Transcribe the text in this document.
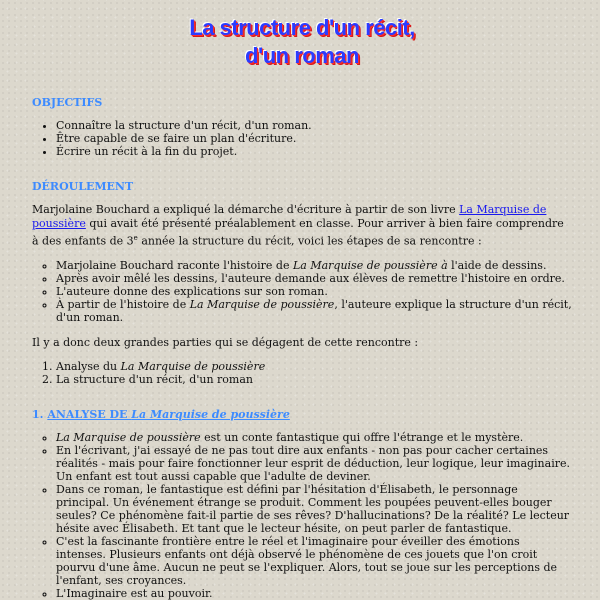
La structure d'un récit,
d'un roman
OBJECTIFS
• Connaître la structure d'un récit, d'un roman.
• Être capable de se faire un plan d'écriture.
• Écrire un récit à la fin du projet.
DÉROULEMENT

Marjolaine Bouchard a expliqué la démarche d'écriture à partir de son livre La Marquise de poussière qui avait été présenté préalablement en classe. Pour arriver à bien faire comprendre à des enfants de 3e année la structure du récit, voici les étapes de sa rencontre :

◦ Marjolaine Bouchard raconte l'histoire de La Marquise de poussière à l'aide de dessins.
◦ Après avoir mêlé les dessins, l'auteure demande aux élèves de remettre l'histoire en ordre.
◦ L'auteure donne des explications sur son roman.
◦ À partir de l'histoire de La Marquise de poussière, l'auteure explique la structure d'un récit, d'un roman.

Il y a donc deux grandes parties qui se dégagent de cette rencontre :

1. Analyse du La Marquise de poussière
2. La structure d'un récit, d'un roman
1. ANALYSE DE La Marquise de poussière
◦ La Marquise de poussière est un conte fantastique qui offre l'étrange et le mystère.
◦ En l'écrivant, j'ai essayé de ne pas tout dire aux enfants - non pas pour cacher certaines réalités - mais pour faire fonctionner leur esprit de déduction, leur logique, leur imaginaire. Un enfant est tout aussi capable que l'adulte de deviner.
◦ Dans ce roman, le fantastique est défini par l'hésitation d'Élisabeth, le personnage principal. Un événement étrange se produit. Comment les poupées peuvent-elles bouger seules? Ce phénomène fait-il partie de ses rêves? D'hallucinations? De la réalité? Le lecteur hésite avec Élisabeth. Et tant que le lecteur hésite, on peut parler de fantastique.
◦ C'est la fascinante frontière entre le réel et l'imaginaire pour éveiller des émotions intenses. Plusieurs enfants ont déjà observé le phénomène de ces jouets que l'on croit pourvu d'une âme. Aucun ne peut se l'expliquer. Alors, tout se joue sur les perceptions de l'enfant, ses croyances.
◦ L'Imaginaire est au pouvoir.
